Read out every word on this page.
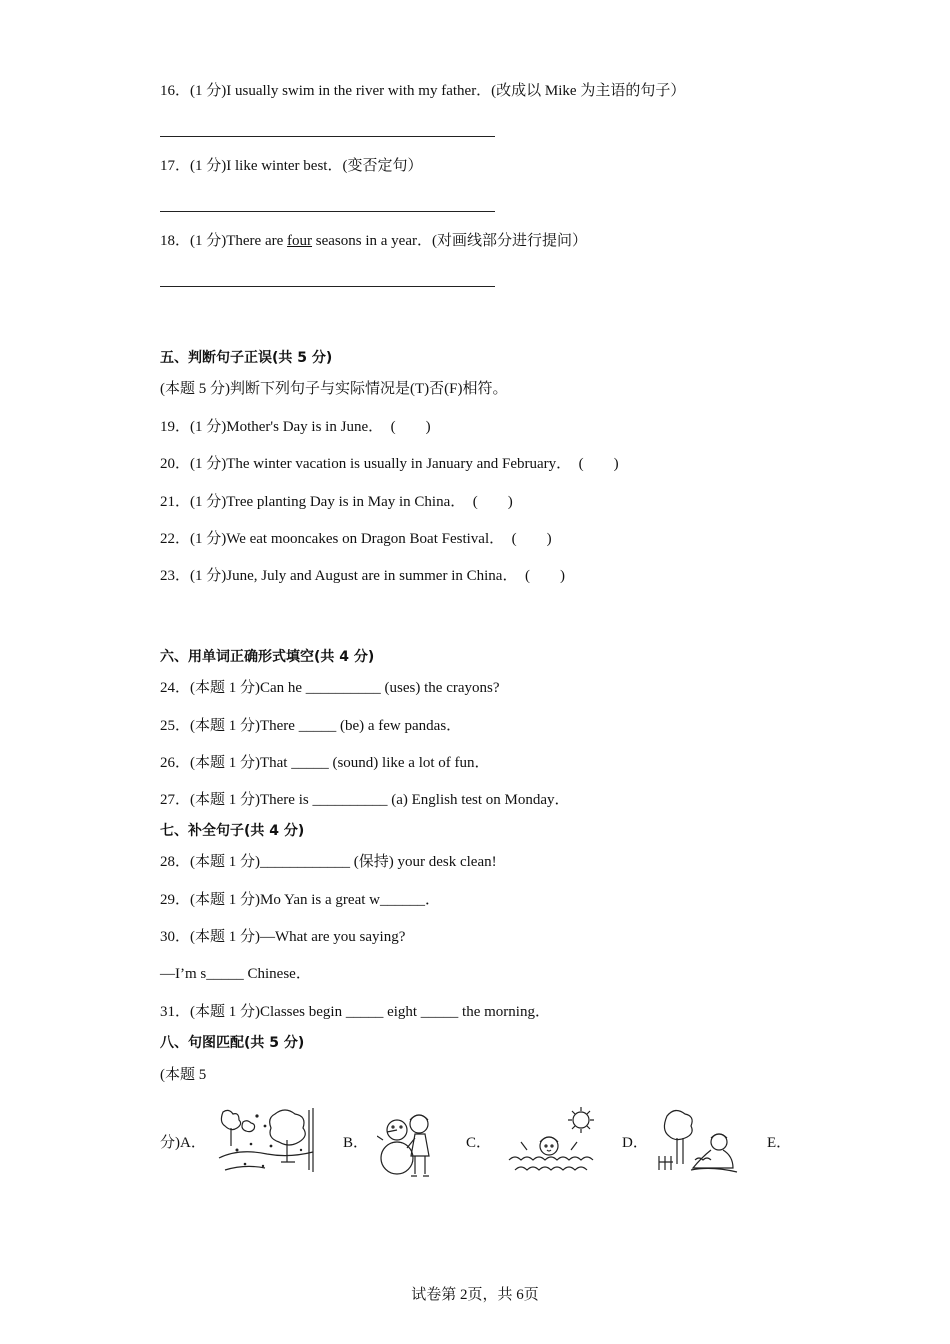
16．(1 分)I usually swim in the river with my father．(改成以 Mike 为主语的句子）
17．(1 分)I like winter best．(变否定句）
18．(1 分)There are four seasons in a year．(对画线部分进行提问）
五、判断句子正误(共 5 分)
(本题 5 分)判断下列句子与实际情况是(T)否(F)相符。
19．(1 分)Mother's Day is in June．　(　　)
20．(1 分)The winter vacation is usually in January and February．　(　　)
21．(1 分)Tree planting Day is in May in China．　(　　)
22．(1 分)We eat mooncakes on Dragon Boat Festival．　(　　)
23．(1 分)June, July and August are in summer in China．　(　　)
六、用单词正确形式填空(共 4 分)
24．(本题 1 分)Can he __________ (uses) the crayons?
25．(本题 1 分)There _____ (be) a few pandas．
26．(本题 1 分)That _____ (sound) like a lot of fun．
27．(本题 1 分)There is __________ (a) English test on Monday．
七、补全句子(共 4 分)
28．(本题 1 分)____________ (保持) your desk clean!
29．(本题 1 分)Mo Yan is a great w______．
30．(本题 1 分)—What are you saying?
—I’m s_____ Chinese．
31．(本题 1 分)Classes begin _____ eight _____ the morning．
八、句图匹配(共 5 分)
(本题 5
分)A．	B．	C．	D．	E．
试卷第 2页，共 6页
